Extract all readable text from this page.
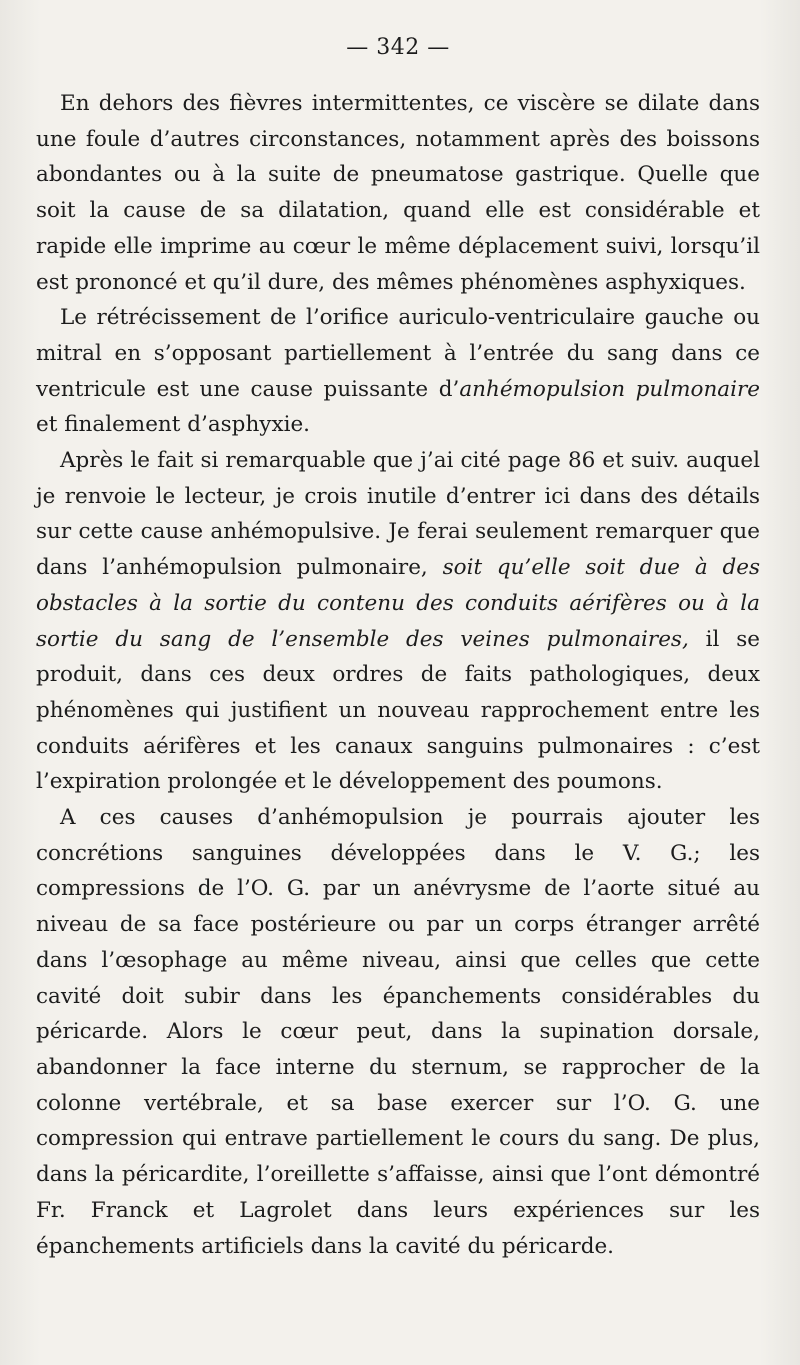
— 342 —

En dehors des fièvres intermittentes, ce viscère se dilate dans une foule d’autres circonstances, notamment après des boissons abondantes ou à la suite de pneumatose gastrique. Quelle que soit la cause de sa dilatation, quand elle est considérable et rapide elle imprime au cœur le même déplacement suivi, lorsqu’il est prononcé et qu’il dure, des mêmes phénomènes asphyxiques.

Le rétrécissement de l’orifice auriculo-ventriculaire gauche ou mitral en s’opposant partiellement à l’entrée du sang dans ce ventricule est une cause puissante d’anhémopulsion pulmonaire et finalement d’asphyxie.

Après le fait si remarquable que j’ai cité page 86 et suiv. auquel je renvoie le lecteur, je crois inutile d’entrer ici dans des détails sur cette cause anhémopulsive. Je ferai seulement remarquer que dans l’anhémopulsion pulmonaire, soit qu’elle soit due à des obstacles à la sortie du contenu des conduits aérifères ou à la sortie du sang de l’ensemble des veines pulmonaires, il se produit, dans ces deux ordres de faits pathologiques, deux phénomènes qui justifient un nouveau rapprochement entre les conduits aérifères et les canaux sanguins pulmonaires : c’est l’expiration prolongée et le développement des poumons.

A ces causes d’anhémopulsion je pourrais ajouter les concrétions sanguines développées dans le V. G.; les compressions de l’O. G. par un anévrysme de l’aorte situé au niveau de sa face postérieure ou par un corps étranger arrêté dans l’œsophage au même niveau, ainsi que celles que cette cavité doit subir dans les épanchements considérables du péricarde. Alors le cœur peut, dans la supination dorsale, abandonner la face interne du sternum, se rapprocher de la colonne vertébrale, et sa base exercer sur l’O. G. une compression qui entrave partiellement le cours du sang. De plus, dans la péricardite, l’oreillette s’affaisse, ainsi que l’ont démontré Fr. Franck et Lagrolet dans leurs expériences sur les épanchements artificiels dans la cavité du péricarde.
